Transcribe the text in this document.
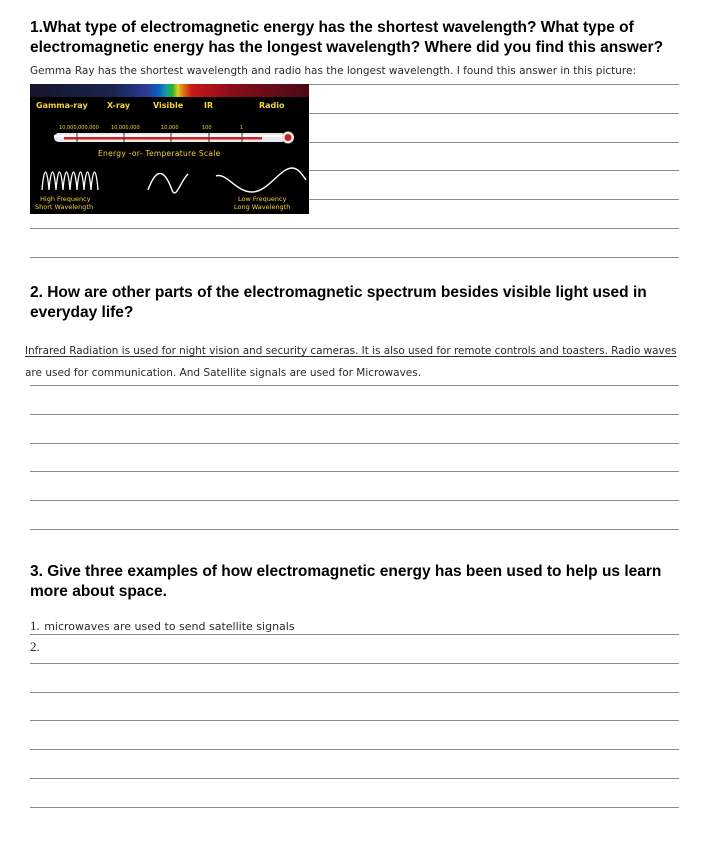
1.What type of electromagnetic energy has the shortest wavelength? What type of electromagnetic energy has the longest wavelength? Where did you find this answer?
Gemma Ray has the shortest wavelength and radio has the longest wavelength. I found this answer in this picture:
Gamma-ray X-ray	Visible	IR	Radio
10,000,000,000 10,000,000	10,000	100	1
Energy -or- Temperature Scale
High Frequency
Short Wavelength
Low Frequency
Long Wavelength
2. How are other parts of the electromagnetic spectrum besides visible light used in everyday life?
Infrared Radiation is used for night vision and security cameras. It is also used for remote controls and toasters. Radio waves
are used for communication. And Satellite signals are used for Microwaves.
3. Give three examples of how electromagnetic energy has been used to help us learn more about space.
1. microwaves are used to send satellite signals
2.
